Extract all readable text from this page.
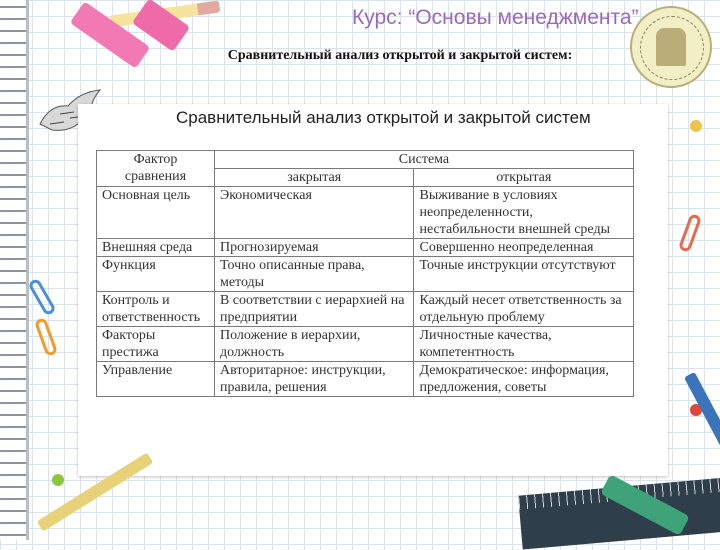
Курс: “Основы менеджмента”
Сравнительный анализ открытой и закрытой систем:
Сравнительный анализ открытой и закрытой систем
Фактор сравнения	Система	
	закрытая	открытая
Основная цель	Экономическая	Выживание в условиях неопределенности, нестабильности внешней среды
Внешняя среда	Прогнозируемая	Совершенно неопределенная
Функция	Точно описанные права, методы	Точные инструкции отсутствуют
Контроль и ответственность	В соответствии с иерархией на предприятии	Каждый несет ответственность за отдельную проблему
Факторы престижа	Положение в иерархии, должность	Личностные качества, компетентность
Управление	Авторитарное: инструкции, правила, решения	Демократическое: информация, предложения, советы
